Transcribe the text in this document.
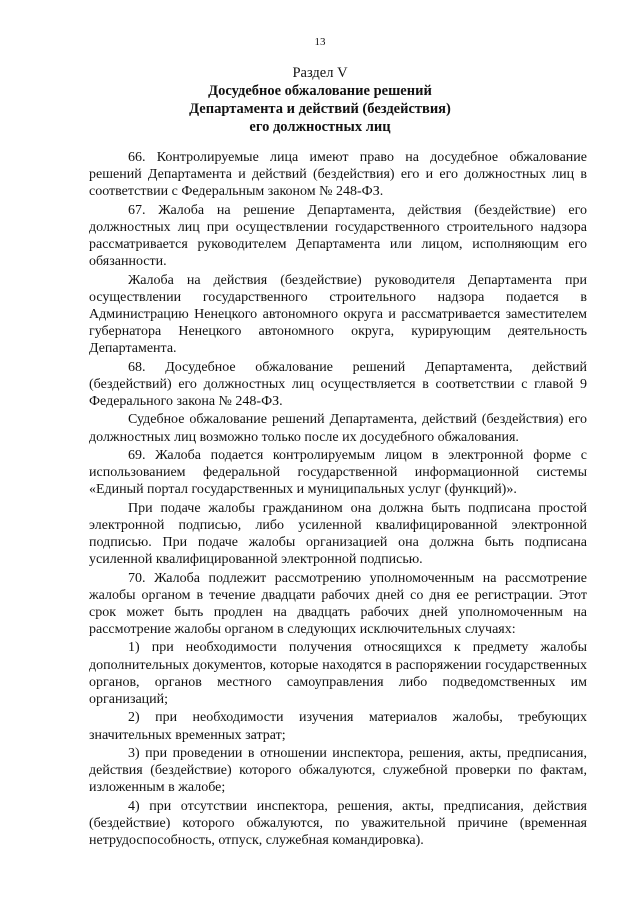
13
Раздел V
Досудебное обжалование решений
Департамента и действий (бездействия)
его должностных лиц

66. Контролируемые лица имеют право на досудебное обжалование решений Департамента и действий (бездействия) его и его должностных лиц в соответствии с Федеральным законом № 248-ФЗ.

67. Жалоба на решение Департамента, действия (бездействие) его должностных лиц при осуществлении государственного строительного надзора рассматривается руководителем Департамента или лицом, исполняющим его обязанности.

Жалоба на действия (бездействие) руководителя Департамента при осуществлении государственного строительного надзора подается в Администрацию Ненецкого автономного округа и рассматривается заместителем губернатора Ненецкого автономного округа, курирующим деятельность Департамента.

68. Досудебное обжалование решений Департамента, действий (бездействий) его должностных лиц осуществляется в соответствии с главой 9 Федерального закона № 248-ФЗ.

Судебное обжалование решений Департамента, действий (бездействия) его должностных лиц возможно только после их досудебного обжалования.

69. Жалоба подается контролируемым лицом в электронной форме с использованием федеральной государственной информационной системы «Единый портал государственных и муниципальных услуг (функций)».

При подаче жалобы гражданином она должна быть подписана простой электронной подписью, либо усиленной квалифицированной электронной подписью. При подаче жалобы организацией она должна быть подписана усиленной квалифицированной электронной подписью.

70. Жалоба подлежит рассмотрению уполномоченным на рассмотрение жалобы органом в течение двадцати рабочих дней со дня ее регистрации. Этот срок может быть продлен на двадцать рабочих дней уполномоченным на рассмотрение жалобы органом в следующих исключительных случаях:

1) при необходимости получения относящихся к предмету жалобы дополнительных документов, которые находятся в распоряжении государственных органов, органов местного самоуправления либо подведомственных им организаций;

2) при необходимости изучения материалов жалобы, требующих значительных временных затрат;

3) при проведении в отношении инспектора, решения, акты, предписания, действия (бездействие) которого обжалуются, служебной проверки по фактам, изложенным в жалобе;

4) при отсутствии инспектора, решения, акты, предписания, действия (бездействие) которого обжалуются, по уважительной причине (временная нетрудоспособность, отпуск, служебная командировка).
